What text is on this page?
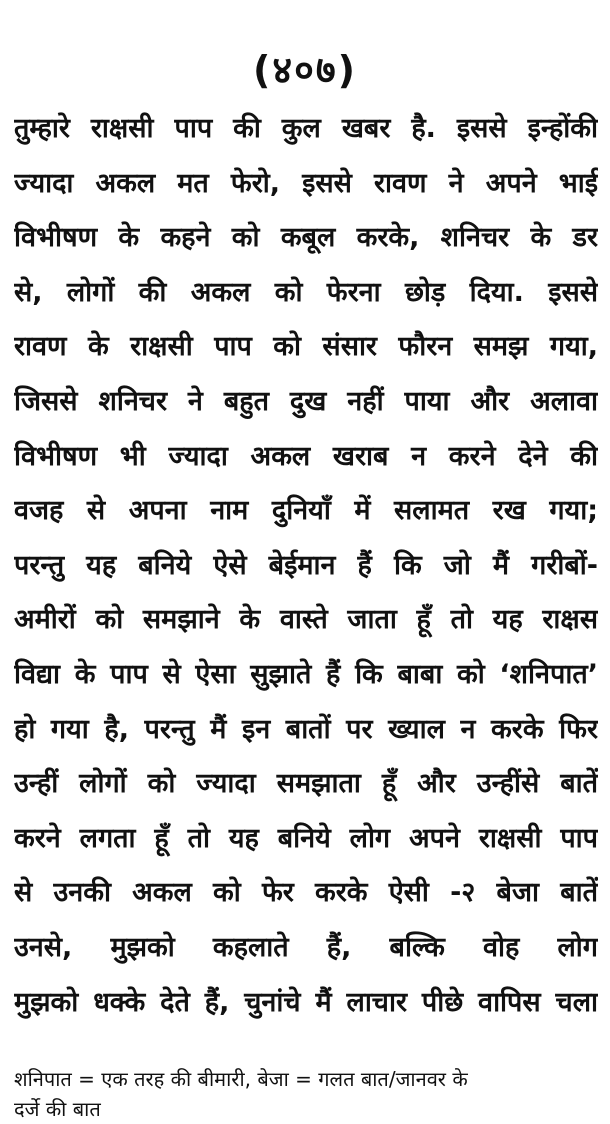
(४०७)
तुम्हारे राक्षसी पाप की कुल खबर है. इससे इन्होंकी
ज्यादा अकल मत फेरो, इससे रावण ने अपने भाई
विभीषण के कहने को कबूल करके, शनिचर के डर
से, लोगों की अकल को फेरना छोड़ दिया. इससे
रावण के राक्षसी पाप को संसार फौरन समझ गया,
जिससे शनिचर ने बहुत दुख नहीं पाया और अलावा
विभीषण भी ज्यादा अकल खराब न करने देने की
वजह से अपना नाम दुनियाँ में सलामत रख गया;
परन्तु यह बनिये ऐसे बेईमान हैं कि जो मैं गरीबों-
अमीरों को समझाने के वास्ते जाता हूँ तो यह राक्षस
विद्या के पाप से ऐसा सुझाते हैं कि बाबा को ‘शनिपात’
हो गया है, परन्तु मैं इन बातों पर ख्याल न करके फिर
उन्हीं लोगों को ज्यादा समझाता हूँ और उन्हींसे बातें
करने लगता हूँ तो यह बनिये लोग अपने राक्षसी पाप
से उनकी अकल को फेर करके ऐसी -२ बेजा बातें
उनसे, मुझको कहलाते हैं, बल्कि वोह लोग
मुझको धक्के देते हैं, चुनांचे मैं लाचार पीछे वापिस चला
शनिपात = एक तरह की बीमारी, बेजा = गलत बात/जानवर के
दर्जे की बात
